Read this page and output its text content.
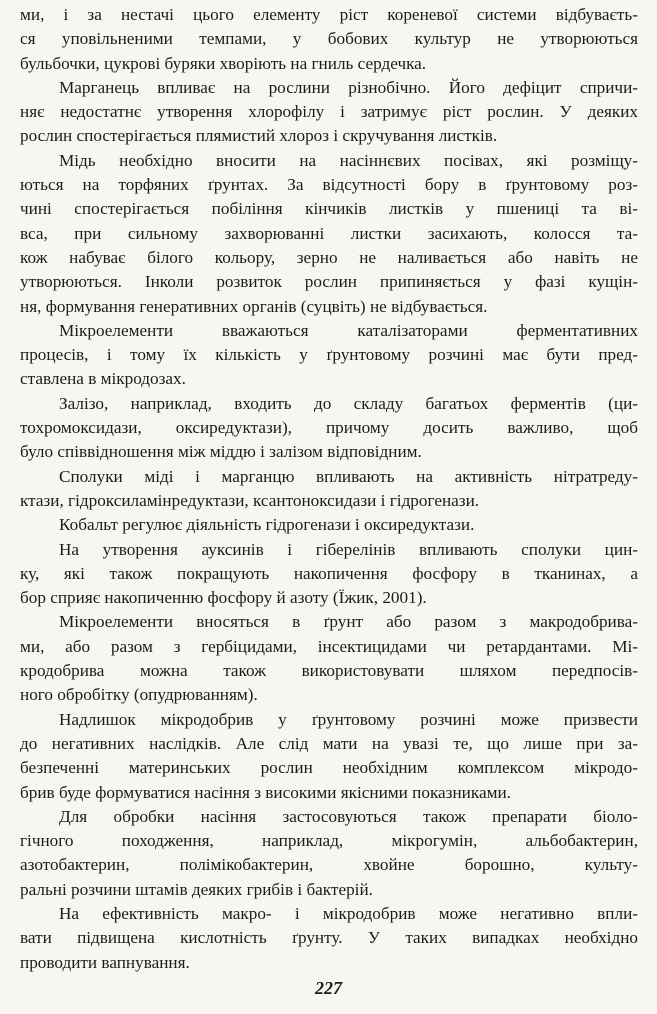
ми, і за нестачі цього елементу ріст кореневої системи відбуваєть-
ся уповільненими темпами, у бобових культур не утворюються
бульбочки, цукрові буряки хворіють на гниль сердечка.
Марганець впливає на рослини різнобічно. Його дефіцит спричи-
няє недостатнє утворення хлорофілу і затримує ріст рослин. У деяких
рослин спостерігається плямистий хлороз і скручування листків.
Мідь необхідно вносити на насіннєвих посівах, які розміщу-
ються на торфяних ґрунтах. За відсутності бору в ґрунтовому роз-
чині спостерігається побіління кінчиків листків у пшениці та ві-
вса, при сильному захворюванні листки засихають, колосся та-
кож набуває білого кольору, зерно не наливається або навіть не
утворюються. Інколи розвиток рослин припиняється у фазі кущін-
ня, формування генеративних органів (суцвіть) не відбувається.
Мікроелементи вважаються каталізаторами ферментативних
процесів, і тому їх кількість у ґрунтовому розчині має бути пред-
ставлена в мікродозах.
Залізо, наприклад, входить до складу багатьох ферментів (ци-
тохромоксидази, оксиредуктази), причому досить важливо, щоб
було співвідношення між міддю і залізом відповідним.
Сполуки міді і марганцю впливають на активність нітратреду-
ктази, гідроксиламінредуктази, ксантоноксидази і гідрогенази.
Кобальт регулює діяльність гідрогенази і оксиредуктази.
На утворення ауксинів і гіберелінів впливають сполуки цин-
ку, які також покращують накопичення фосфору в тканинах, а
бор сприяє накопиченню фосфору й азоту (Їжик, 2001).
Мікроелементи вносяться в ґрунт або разом з макродобрива-
ми, або разом з гербіцидами, інсектицидами чи ретардантами. Мі-
кродобрива можна також використовувати шляхом передпосів-
ного обробітку (опудрюванням).
Надлишок мікродобрив у ґрунтовому розчині може призвести
до негативних наслідків. Але слід мати на увазі те, що лише при за-
безпеченні материнських рослин необхідним комплексом мікродо-
брив буде формуватися насіння з високими якісними показниками.
Для обробки насіння застосовуються також препарати біоло-
гічного походження, наприклад, мікрогумін, альбобактерин,
азотобактерин, полімікобактерин, хвойне борошно, культу-
ральні розчини штамів деяких грибів і бактерій.
На ефективність макро- і мікродобрив може негативно впли-
вати підвищена кислотність ґрунту. У таких випадках необхідно
проводити вапнування.
227
